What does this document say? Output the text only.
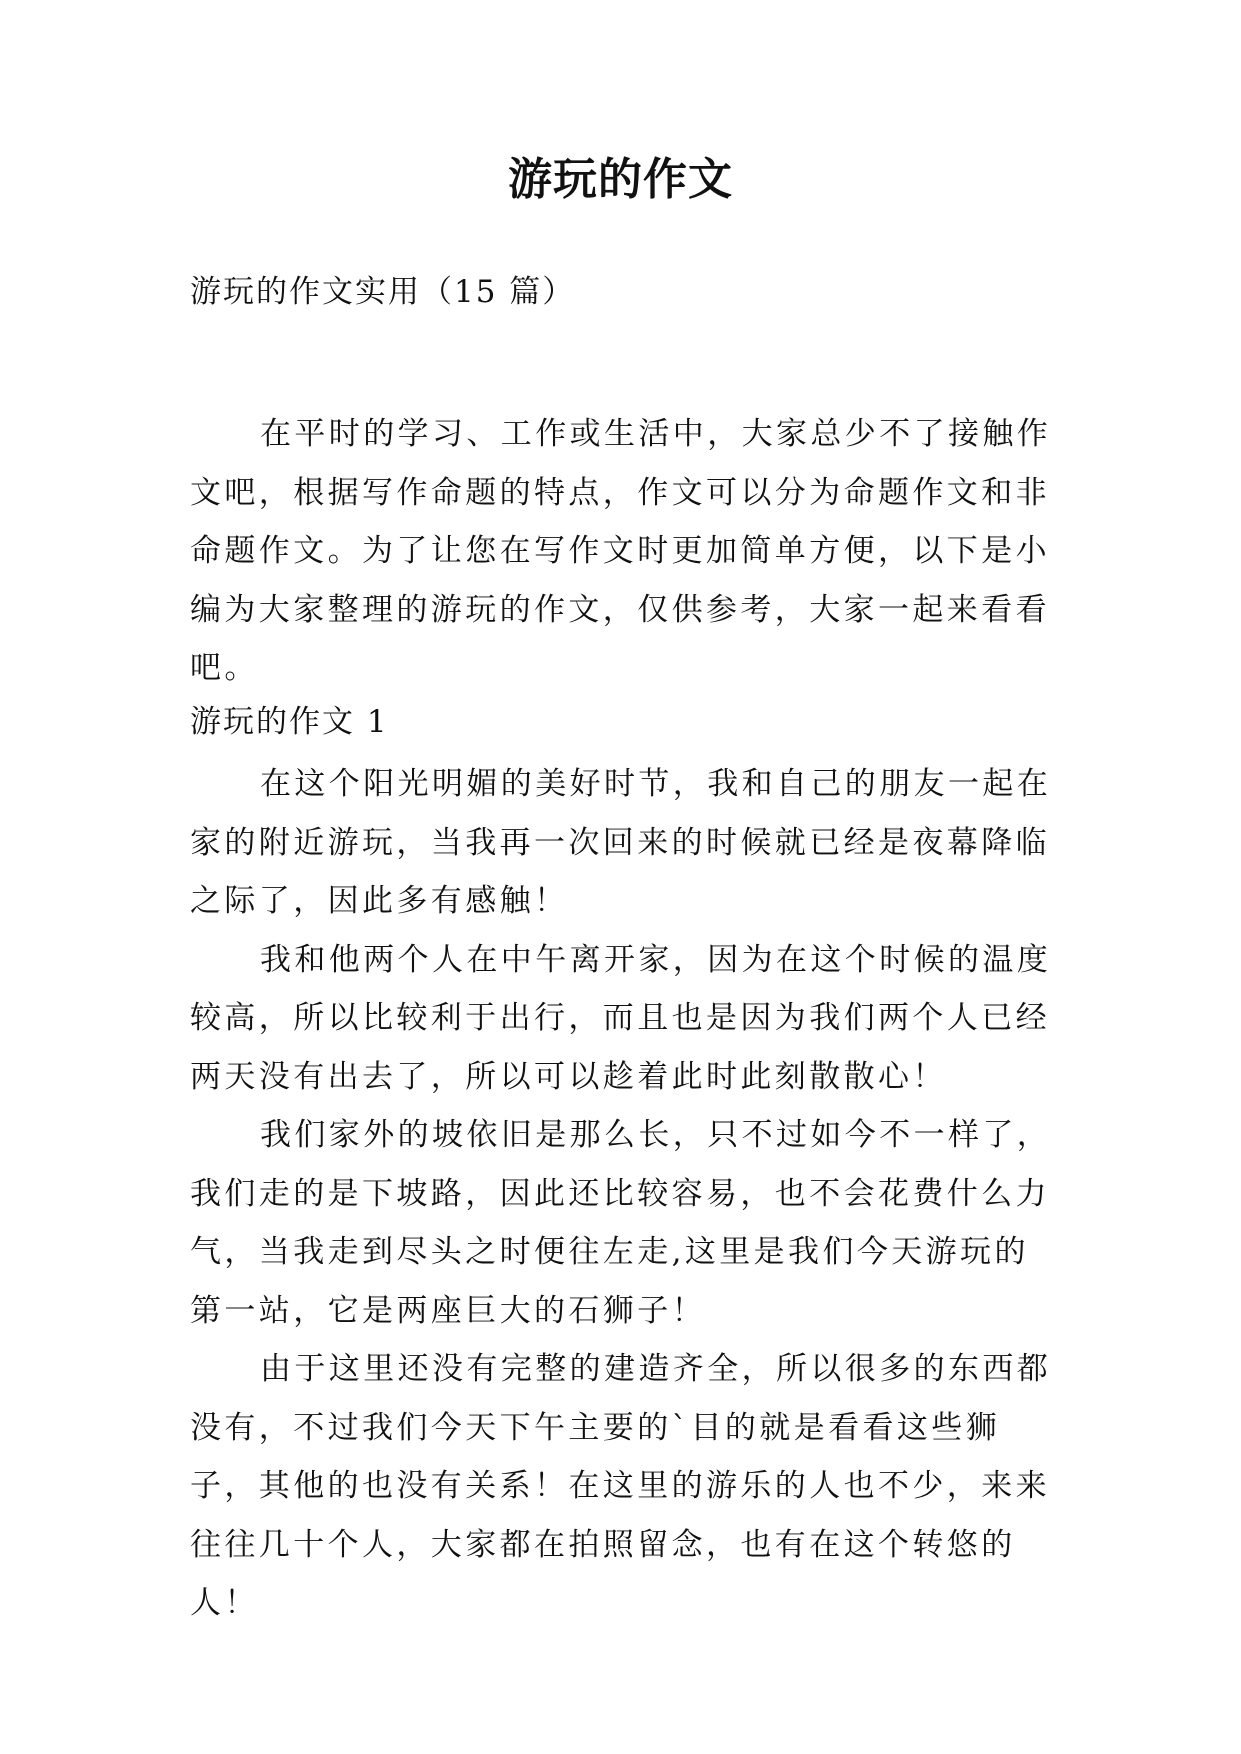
游玩的作文
游玩的作文实用（15 篇）

在平时的学习、工作或生活中，大家总少不了接触作文吧，根据写作命题的特点，作文可以分为命题作文和非命题作文。为了让您在写作文时更加简单方便，以下是小编为大家整理的游玩的作文，仅供参考，大家一起来看看吧。

游玩的作文 1

在这个阳光明媚的美好时节，我和自己的朋友一起在家的附近游玩，当我再一次回来的时候就已经是夜幕降临之际了，因此多有感触！

我和他两个人在中午离开家，因为在这个时候的温度较高，所以比较利于出行，而且也是因为我们两个人已经两天没有出去了，所以可以趁着此时此刻散散心！

我们家外的坡依旧是那么长，只不过如今不一样了，我们走的是下坡路，因此还比较容易，也不会花费什么力气，当我走到尽头之时便往左走,这里是我们今天游玩的第一站，它是两座巨大的石狮子！

由于这里还没有完整的建造齐全，所以很多的东西都没有，不过我们今天下午主要的`目的就是看看这些狮子，其他的也没有关系！在这里的游乐的人也不少，来来往往几十个人，大家都在拍照留念，也有在这个转悠的人！
